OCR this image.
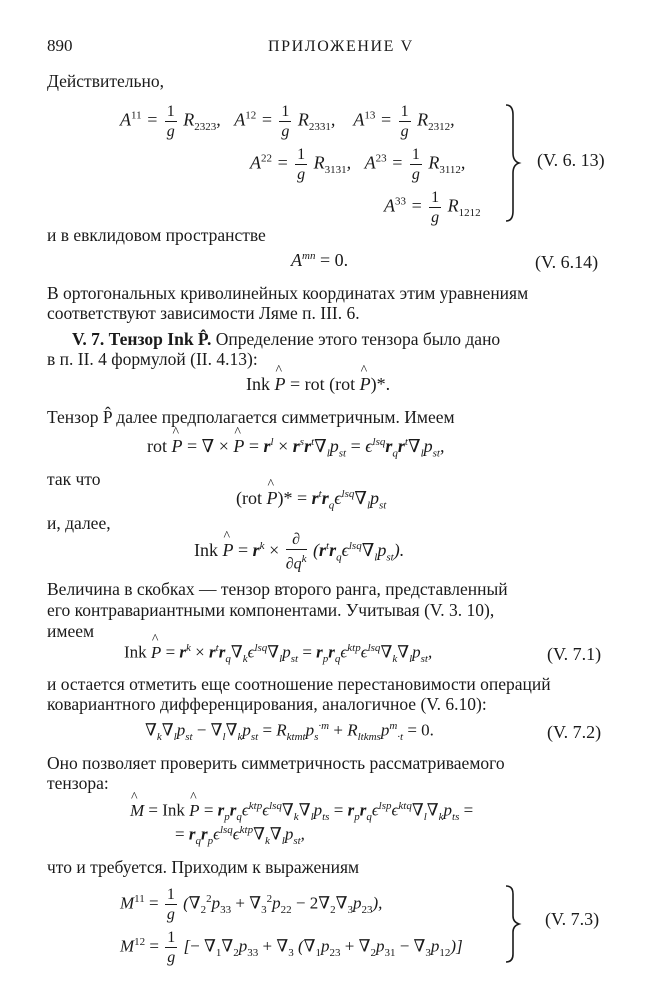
890	ПРИЛОЖЕНИЕ V
Действительно,
$A^{11} = \frac{1}{g} R_{2323}$,   $A^{12} = \frac{1}{g} R_{2331}$,    $A^{13} = \frac{1}{g} R_{2312}$,
$A^{22} = \frac{1}{g} R_{3131}$,   $A^{23} = \frac{1}{g} R_{3112}$,
$A^{33} = \frac{1}{g} R_{1212}$
(V. 6. 13)
и в евклидовом пространстве
$A^{mn} = 0$.	(V. 6.14)
В ортогональных криволинейных координатах этим уравнениям
соответствуют зависимости Ляме п. III. 6.
V. 7. Тензор Ink P̂. Определение этого тензора было дано
в п. II. 4 формулой (II. 4.13):
Ink P ^ = rot (rot P ^)*.
Тензор P̂ далее предполагается симметричным. Имеем
rot P ^ = ∇ × P ^ = $r^l \times r^sr^t\nabla_lp_{st} = \epsilon^{lsq}r_qr^t\nabla_lp_{st}$,
так что
(rot P ^)* = $r^tr_q\epsilon^{lsq}\nabla_lp_{st}$
и, далее,
Ink P ^ = $r^k \times \frac{\partial}{\partial q^k} (r^tr_q\epsilon^{lsq}\nabla_lp_{st})$.
Величина в скобках — тензор второго ранга, представленный
его контравариантными компонентами. Учитывая (V. 3. 10),
имеем
Ink P ^ = $r^k \times r^tr_q\nabla_k\epsilon^{lsq}\nabla_lp_{st} = r_pr_q\epsilon^{ktp}\epsilon^{lsq}\nabla_k\nabla_lp_{st}$,	(V. 7.1)
и остается отметить еще соотношение перестановимости операций
ковариантного дифференцирования, аналогичное (V. 6.10):
$\nabla_k\nabla_lp_{st} - \nabla_l\nabla_kp_{st} = R_{ktmt}p_s^{\cdot m} + R_{ltkms}p^m_{\cdot t} = 0$.	(V. 7.2)
Оно позволяет проверить симметричность рассматриваемого
тензора:
M ^ = Ink P ^ = $r_pr_q\epsilon^{ktp}\epsilon^{lsq}\nabla_k\nabla_lp_{ts} = r_pr_q\epsilon^{lsp}\epsilon^{ktq}\nabla_l\nabla_kp_{ts}$ =
= $r_qr_p\epsilon^{lsq}\epsilon^{ktp}\nabla_k\nabla_lp_{st}$,
что и требуется. Приходим к выражениям
$M^{11} = \frac{1}{g} (\nabla_2^2p_{33} + \nabla_3^2p_{22} - 2\nabla_2\nabla_3p_{23})$,
$M^{12} = \frac{1}{g}$ [− $\nabla_1\nabla_2p_{33} + \nabla_3$ $(\nabla_1p_{23} + \nabla_2p_{31} - \nabla_3p_{12})$]
(V. 7.3)
